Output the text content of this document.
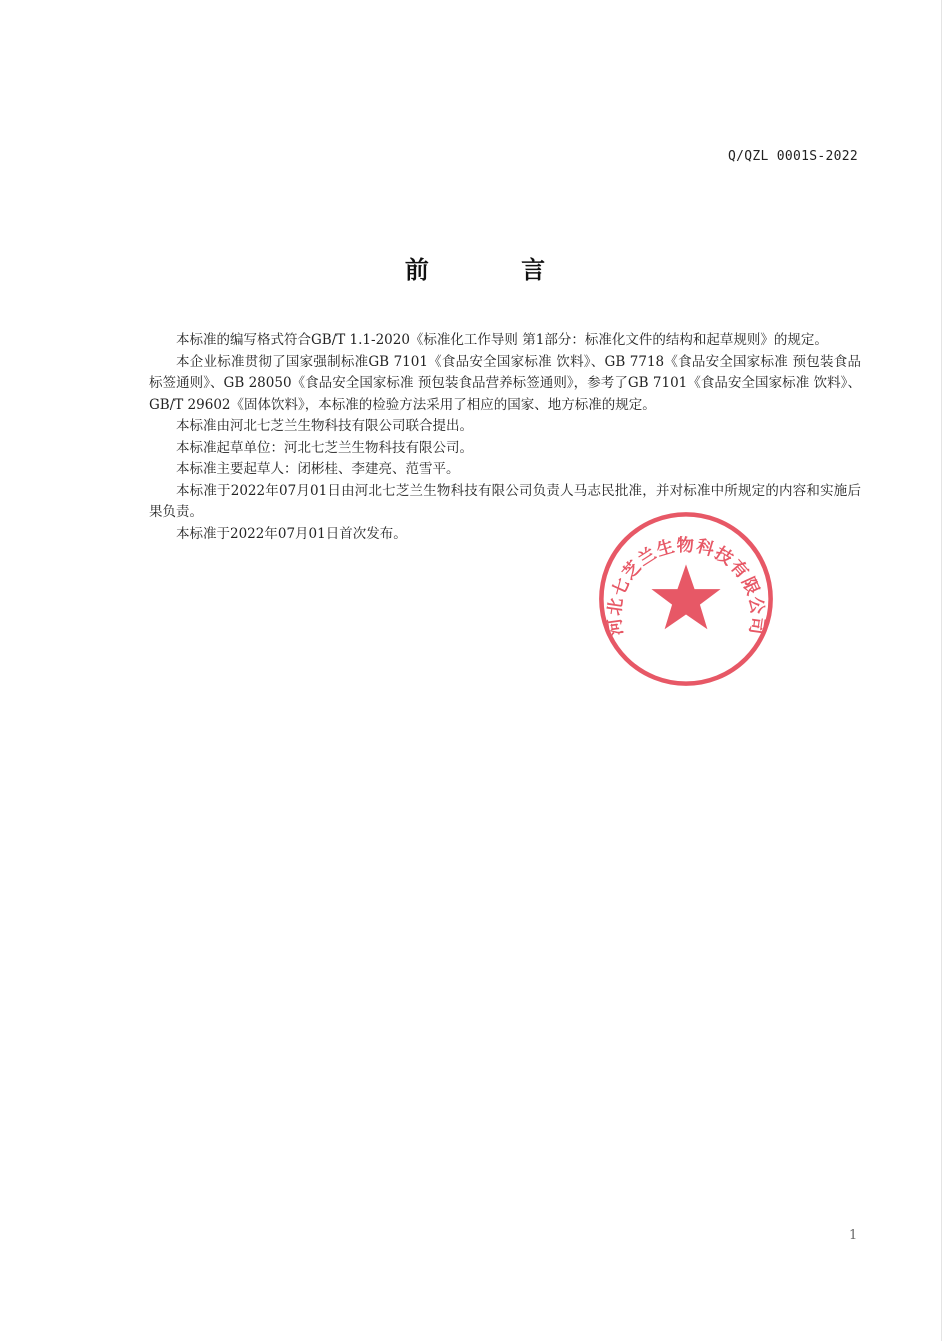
Q/QZL 0001S-2022
前 言

本标准的编写格式符合GB/T 1.1-2020《标准化工作导则 第1部分：标准化文件的结构和起草规则》的规定。

本企业标准贯彻了国家强制标准GB 7101《食品安全国家标准 饮料》、GB 7718《食品安全国家标准 预包装食品标签通则》、GB 28050《食品安全国家标准 预包装食品营养标签通则》，参考了GB 7101《食品安全国家标准 饮料》、GB/T 29602《固体饮料》，本标准的检验方法采用了相应的国家、地方标准的规定。

本标准由河北七芝兰生物科技有限公司联合提出。

本标准起草单位：河北七芝兰生物科技有限公司。

本标准主要起草人：闭彬桂、李建亮、范雪平。

本标准于2022年07月01日由河北七芝兰生物科技有限公司负责人马志民批准，并对标准中所规定的内容和实施后果负责。

本标准于2022年07月01日首次发布。

河北七芝兰生物科技有限公司
1
